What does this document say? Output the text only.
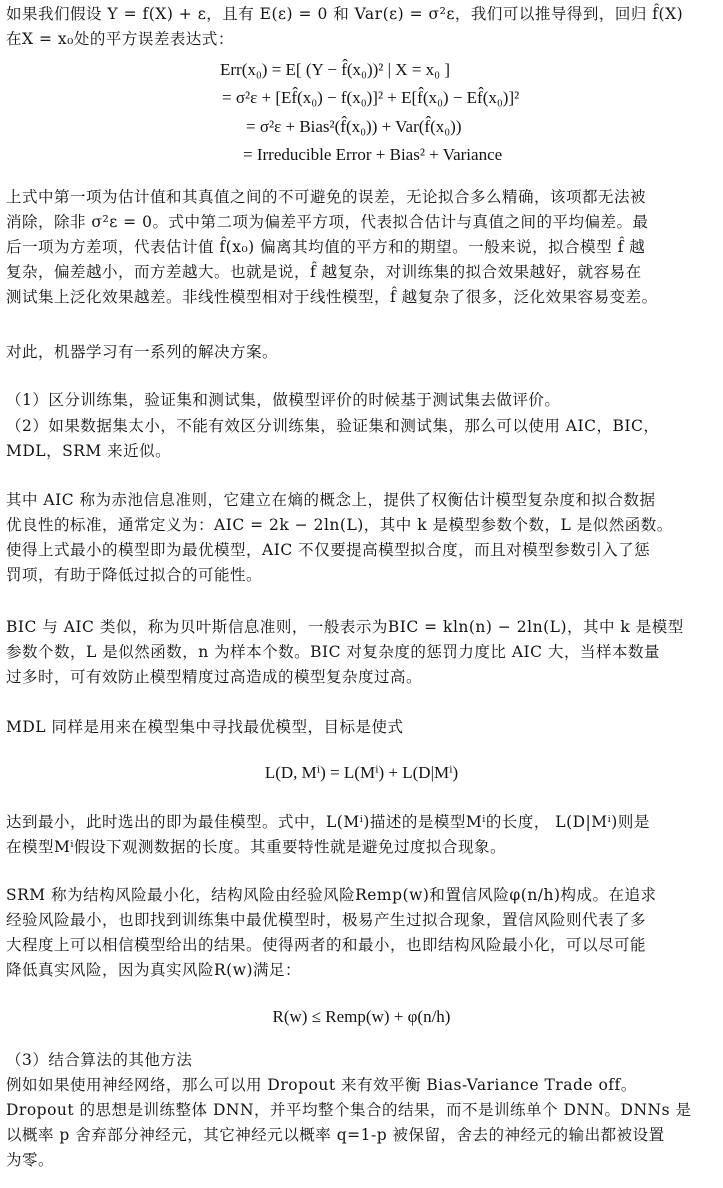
如果我们假设 Y = f(X) + ε，且有 E(ε) = 0 和 Var(ε) = σ²ε，我们可以推导得到，回归 f̂(X)
在X = x₀处的平方误差表达式：
Err(x₀) = E[ (Y − f̂(x₀))² | X = x₀ ]
= σ²ε + [Ef̂(x₀) − f(x₀)]² + E[f̂(x₀) − Ef̂(x₀)]²
= σ²ε + Bias²(f̂(x₀)) + Var(f̂(x₀))
= Irreducible Error + Bias² + Variance
上式中第一项为估计值和其真值之间的不可避免的误差，无论拟合多么精确，该项都无法被
消除，除非 σ²ε = 0。式中第二项为偏差平方项，代表拟合估计与真值之间的平均偏差。最
后一项为方差项，代表估计值 f̂(x₀) 偏离其均值的平方和的期望。一般来说，拟合模型 f̂ 越
复杂，偏差越小，而方差越大。也就是说，f̂ 越复杂，对训练集的拟合效果越好，就容易在
测试集上泛化效果越差。非线性模型相对于线性模型，f̂ 越复杂了很多，泛化效果容易变差。
对此，机器学习有一系列的解决方案。
（1）区分训练集，验证集和测试集，做模型评价的时候基于测试集去做评价。
（2）如果数据集太小，不能有效区分训练集，验证集和测试集，那么可以使用 AIC，BIC，
MDL，SRM 来近似。
其中 AIC 称为赤池信息准则，它建立在熵的概念上，提供了权衡估计模型复杂度和拟合数据
优良性的标准，通常定义为：AIC = 2k − 2ln(L)，其中 k 是模型参数个数，L 是似然函数。
使得上式最小的模型即为最优模型，AIC 不仅要提高模型拟合度，而且对模型参数引入了惩
罚项，有助于降低过拟合的可能性。
BIC 与 AIC 类似，称为贝叶斯信息准则，一般表示为BIC = kln(n) − 2ln(L)，其中 k 是模型
参数个数，L 是似然函数，n 为样本个数。BIC 对复杂度的惩罚力度比 AIC 大，当样本数量
过多时，可有效防止模型精度过高造成的模型复杂度过高。
MDL 同样是用来在模型集中寻找最优模型，目标是使式
L(D, Mⁱ) = L(Mⁱ) + L(D|Mⁱ)
达到最小，此时选出的即为最佳模型。式中，L(Mⁱ)描述的是模型Mⁱ的长度， L(D|Mⁱ)则是
在模型Mⁱ假设下观测数据的长度。其重要特性就是避免过度拟合现象。
SRM 称为结构风险最小化，结构风险由经验风险Remp(w)和置信风险φ(n/h)构成。在追求
经验风险最小，也即找到训练集中最优模型时，极易产生过拟合现象，置信风险则代表了多
大程度上可以相信模型给出的结果。使得两者的和最小，也即结构风险最小化，可以尽可能
降低真实风险，因为真实风险R(w)满足：
R(w) ≤ Remp(w) + φ(n/h)
（3）结合算法的其他方法
例如如果使用神经网络，那么可以用 Dropout 来有效平衡 Bias-Variance Trade off。
Dropout 的思想是训练整体 DNN，并平均整个集合的结果，而不是训练单个 DNN。DNNs 是
以概率 p 舍弃部分神经元，其它神经元以概率 q=1-p 被保留，舍去的神经元的输出都被设置
为零。
